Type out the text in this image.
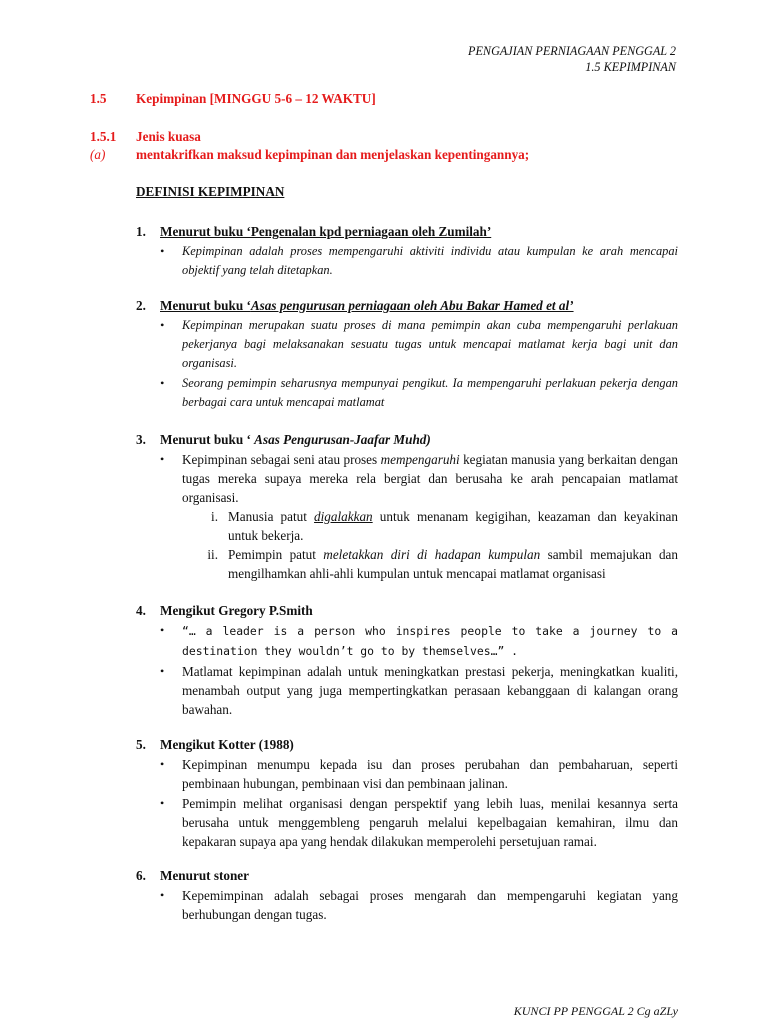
PENGAJIAN PERNIAGAAN PENGGAL 2
1.5 KEPIMPINAN
1.5 Kepimpinan [MINGGU 5-6 – 12 WAKTU]
1.5.1 Jenis kuasa
(a) mentakrifkan maksud kepimpinan dan menjelaskan kepentingannya;
DEFINISI KEPIMPINAN

1. Menurut buku ‘Pengenalan kpd perniagaan oleh Zumilah’

• Kepimpinan adalah proses mempengaruhi aktiviti individu atau kumpulan ke arah mencapai objektif yang telah ditetapkan.

2. Menurut buku ‘Asas pengurusan perniagaan oleh Abu Bakar Hamed et al’

• Kepimpinan merupakan suatu proses di mana pemimpin akan cuba mempengaruhi perlakuan pekerjanya bagi melaksanakan sesuatu tugas untuk mencapai matlamat kerja bagi unit dan organisasi.
• Seorang pemimpin seharusnya mempunyai pengikut. Ia mempengaruhi perlakuan pekerja dengan berbagai cara untuk mencapai matlamat

3. Menurut buku ‘ Asas Pengurusan-Jaafar Muhd)

• Kepimpinan sebagai seni atau proses mempengaruhi kegiatan manusia yang berkaitan dengan tugas mereka supaya mereka rela bergiat dan berusaha ke arah pencapaian matlamat organisasi.
i. Manusia patut digalakkan untuk menanam kegigihan, keazaman dan keyakinan untuk bekerja.
ii. Pemimpin patut meletakkan diri di hadapan kumpulan sambil memajukan dan mengilhamkan ahli-ahli kumpulan untuk mencapai matlamat organisasi

4. Mengikut Gregory P.Smith

• “… a leader is a person who inspires people to take a journey to a destination they wouldn’t go to by themselves…” .
• Matlamat kepimpinan adalah untuk meningkatkan prestasi pekerja, meningkatkan kualiti, menambah output yang juga mempertingkatkan perasaan kebanggaan di kalangan orang bawahan.

5. Mengikut Kotter (1988)

• Kepimpinan menumpu kepada isu dan proses perubahan dan pembaharuan, seperti pembinaan hubungan, pembinaan visi dan pembinaan jalinan.
• Pemimpin melihat organisasi dengan perspektif yang lebih luas, menilai kesannya serta berusaha untuk menggembleng pengaruh melalui kepelbagaian kemahiran, ilmu dan kepakaran supaya apa yang hendak dilakukan memperolehi persetujuan ramai.

6. Menurut stoner

• Kepemimpinan adalah sebagai proses mengarah dan mempengaruhi kegiatan yang berhubungan dengan tugas.
KUNCI PP PENGGAL 2 Cg aZLy
